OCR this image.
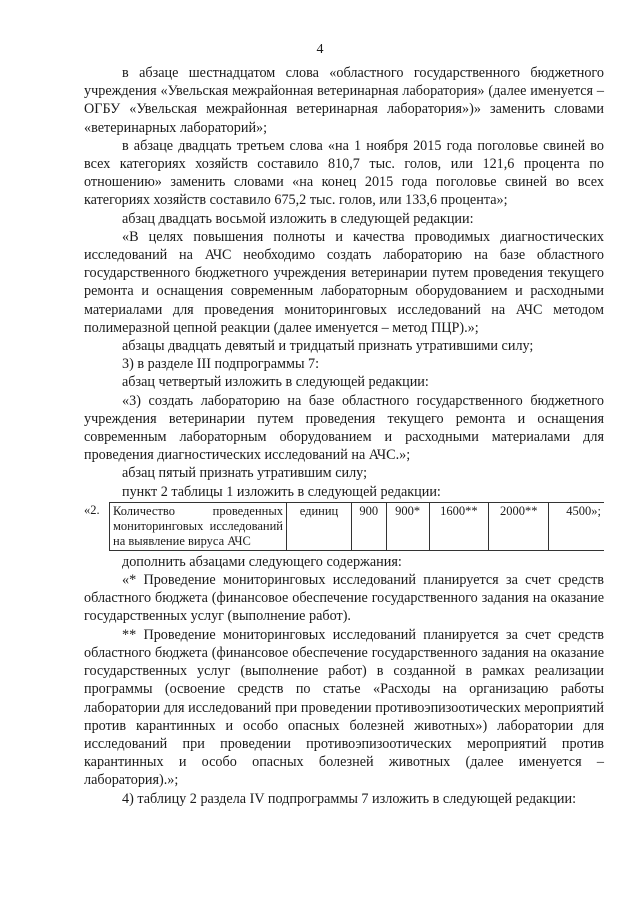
4

в абзаце шестнадцатом слова «областного государственного бюджетного учреждения «Увельская межрайонная ветеринарная лаборатория» (далее именуется – ОГБУ «Увельская межрайонная ветеринарная лаборатория»)» заменить словами «ветеринарных лабораторий»;

в абзаце двадцать третьем слова «на 1 ноября 2015 года поголовье свиней во всех категориях хозяйств составило 810,7 тыс. голов, или 121,6 процента по отношению» заменить словами «на конец 2015 года поголовье свиней во всех категориях хозяйств составило 675,2 тыс. голов, или 133,6 процента»;

абзац двадцать восьмой изложить в следующей редакции:

«В целях повышения полноты и качества проводимых диагностических исследований на АЧС необходимо создать лабораторию на базе областного государственного бюджетного учреждения ветеринарии путем проведения текущего ремонта и оснащения современным лабораторным оборудованием и расходными материалами для проведения мониторинговых исследований на АЧС методом полимеразной цепной реакции (далее именуется – метод ПЦР).»;

абзацы двадцать девятый и тридцатый признать утратившими силу;

3) в разделе III подпрограммы 7:

абзац четвертый изложить в следующей редакции:

«3) создать лабораторию на базе областного государственного бюджетного учреждения ветеринарии путем проведения текущего ремонта и оснащения современным лабораторным оборудованием и расходными материалами для проведения диагностических исследований на АЧС.»;

абзац пятый признать утратившим силу;

пункт 2 таблицы 1 изложить в следующей редакции:

«2.	Количество проведенных мониторинговых исследований на выявление вируса АЧС	единиц	900	900*	1600**	2000**	4500»;

дополнить абзацами следующего содержания:

«* Проведение мониторинговых исследований планируется за счет средств областного бюджета (финансовое обеспечение государственного задания на оказание государственных услуг (выполнение работ).

** Проведение мониторинговых исследований планируется за счет средств областного бюджета (финансовое обеспечение государственного задания на оказание государственных услуг (выполнение работ) в созданной в рамках реализации программы (освоение средств по статье «Расходы на организацию работы лаборатории для исследований при проведении противоэпизоотических мероприятий против карантинных и особо опасных болезней животных») лаборатории для исследований при проведении противоэпизоотических мероприятий против карантинных и особо опасных болезней животных (далее именуется – лаборатория).»;

4) таблицу 2 раздела IV подпрограммы 7 изложить в следующей редакции:
